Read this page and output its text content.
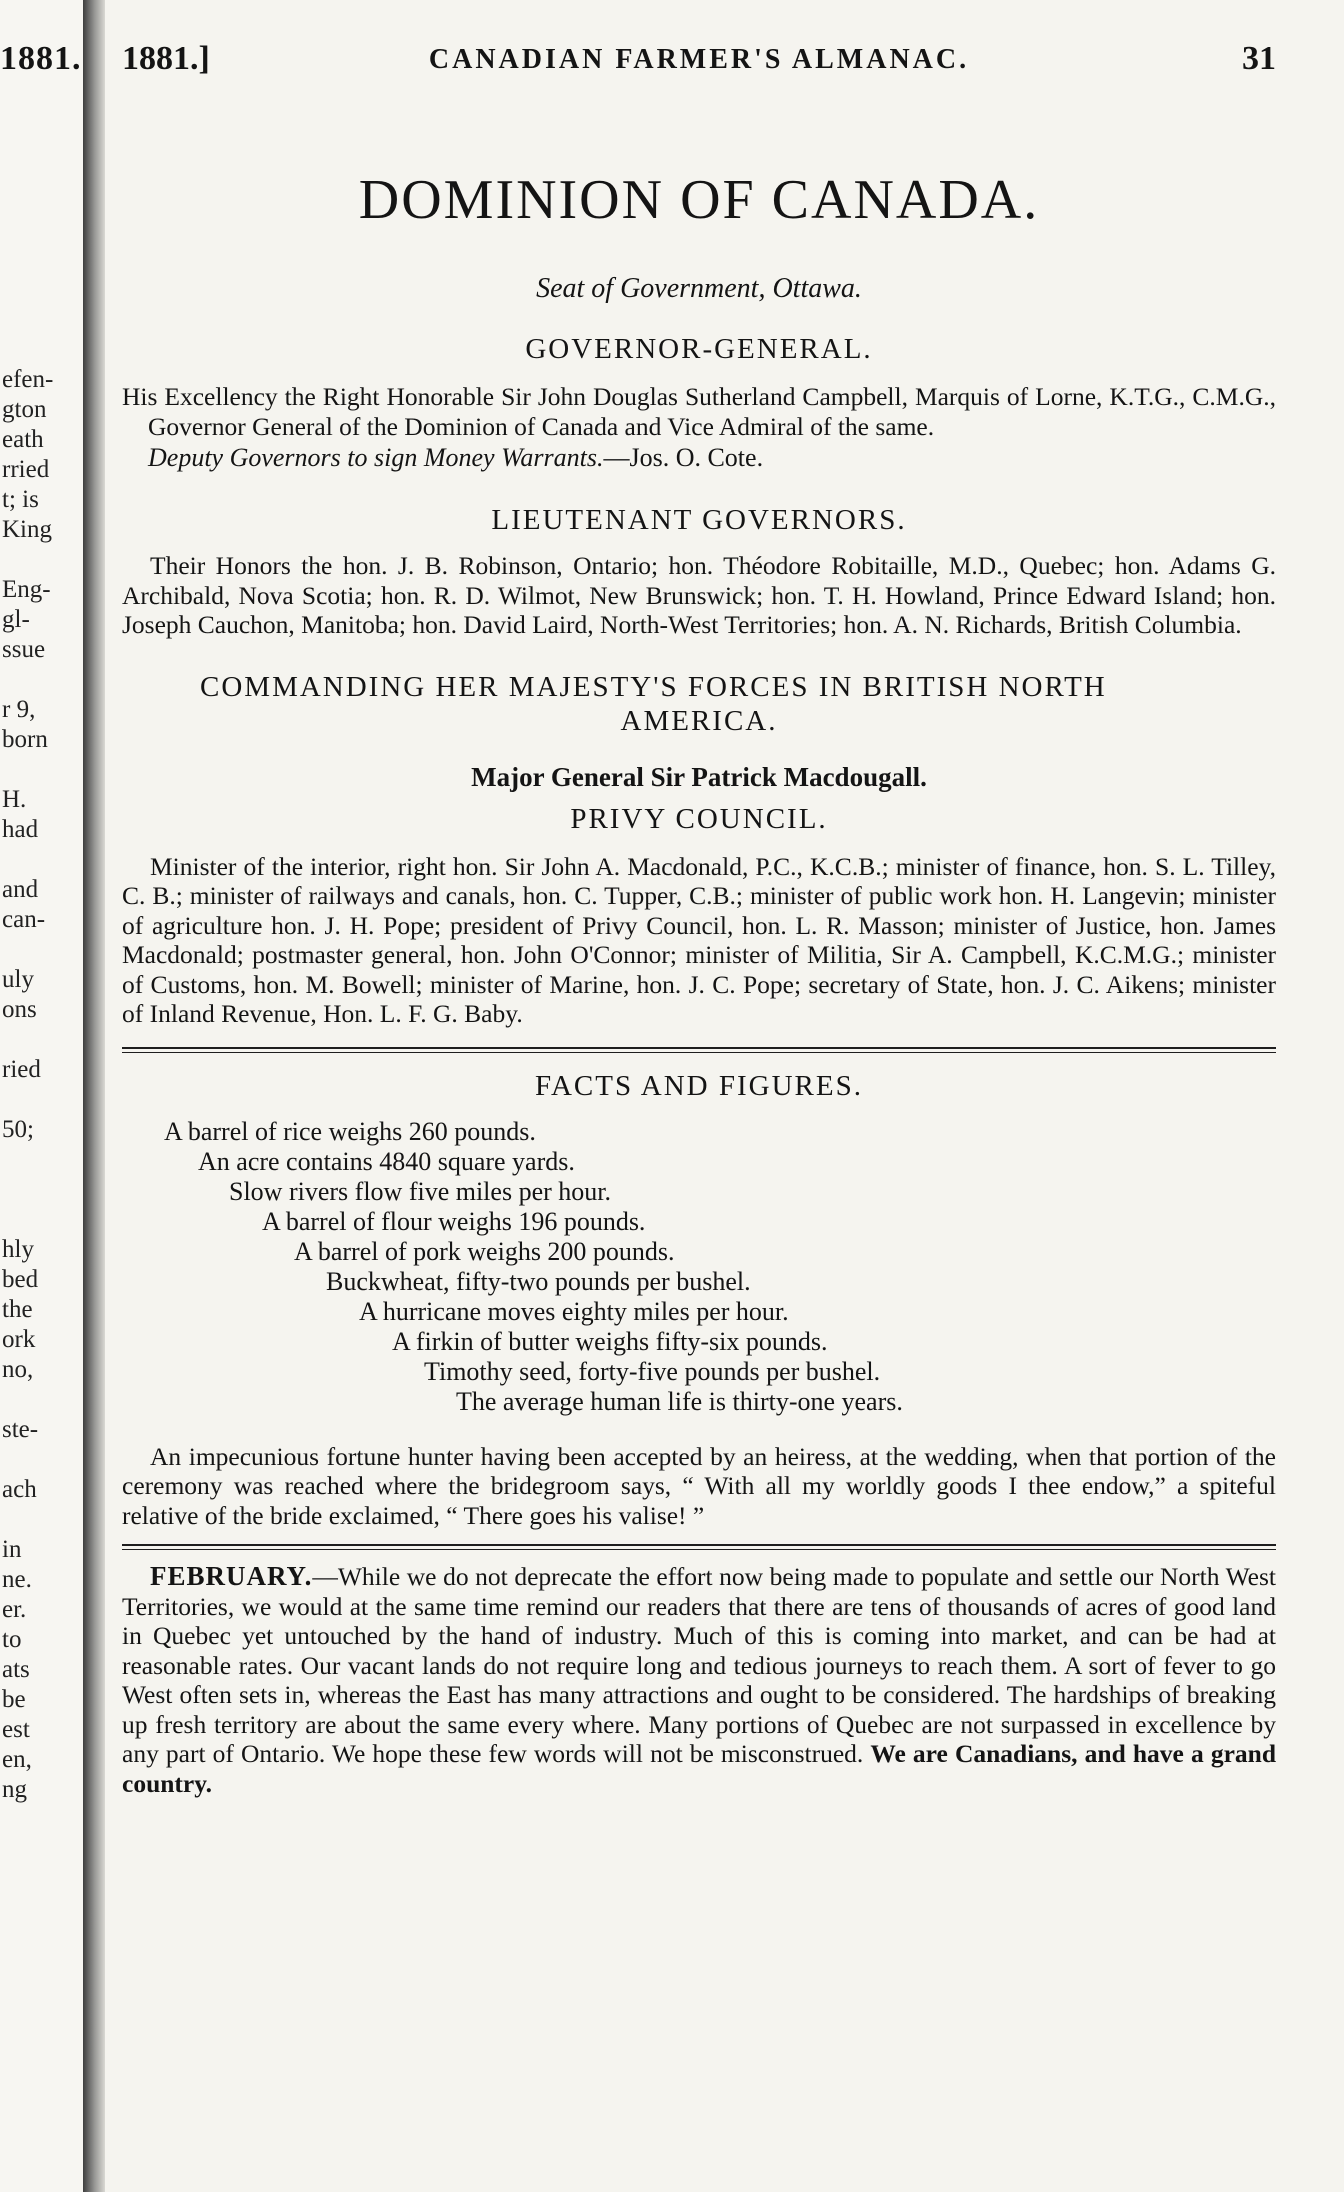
1881.
efen-
gton
eath
rried
t; is
King
Eng-
gl-
ssue
r 9,
born
H.
had
and
can-
uly
ons
ried
50;
hly
bed
the
ork
no,
ste-
ach
in
ne.
er.
to
ats
be
est
en,
ng
1881.]	CANADIAN FARMER'S ALMANAC.	31
DOMINION OF CANADA.
Seat of Government, Ottawa.
GOVERNOR-GENERAL.

His Excellency the Right Honorable Sir John Douglas Sutherland Campbell, Marquis of Lorne, K.T.G., C.M.G., Governor General of the Dominion of Canada and Vice Admiral of the same.

Deputy Governors to sign Money Warrants.—Jos. O. Cote.
LIEUTENANT GOVERNORS.

Their Honors the hon. J. B. Robinson, Ontario; hon. Théodore Robitaille, M.D., Quebec; hon. Adams G. Archibald, Nova Scotia; hon. R. D. Wilmot, New Brunswick; hon. T. H. Howland, Prince Edward Island; hon. Joseph Cauchon, Manitoba; hon. David Laird, North-West Territories; hon. A. N. Richards, British Columbia.

COMMANDING HER MAJESTY'S FORCES IN BRITISH NORTH
AMERICA.
Major General Sir Patrick Macdougall.
PRIVY COUNCIL.

Minister of the interior, right hon. Sir John A. Macdonald, P.C., K.C.B.; minister of finance, hon. S. L. Tilley, C. B.; minister of railways and canals, hon. C. Tupper, C.B.; minister of public work hon. H. Langevin; minister of agriculture hon. J. H. Pope; president of Privy Council, hon. L. R. Masson; minister of Justice, hon. James Macdonald; postmaster general, hon. John O'Connor; minister of Militia, Sir A. Campbell, K.C.M.G.; minister of Customs, hon. M. Bowell; minister of Marine, hon. J. C. Pope; secretary of State, hon. J. C. Aikens; minister of Inland Revenue, Hon. L. F. G. Baby.

FACTS AND FIGURES.
A barrel of rice weighs 260 pounds.
An acre contains 4840 square yards.
Slow rivers flow five miles per hour.
A barrel of flour weighs 196 pounds.
A barrel of pork weighs 200 pounds.
Buckwheat, fifty-two pounds per bushel.
A hurricane moves eighty miles per hour.
A firkin of butter weighs fifty-six pounds.
Timothy seed, forty-five pounds per bushel.
The average human life is thirty-one years.

An impecunious fortune hunter having been accepted by an heiress, at the wedding, when that portion of the ceremony was reached where the bridegroom says, “ With all my worldly goods I thee endow,” a spiteful relative of the bride exclaimed, “ There goes his valise! ”

FEBRUARY.—While we do not deprecate the effort now being made to populate and settle our North West Territories, we would at the same time remind our readers that there are tens of thousands of acres of good land in Quebec yet untouched by the hand of industry. Much of this is coming into market, and can be had at reasonable rates. Our vacant lands do not require long and tedious journeys to reach them. A sort of fever to go West often sets in, whereas the East has many attractions and ought to be considered. The hardships of breaking up fresh territory are about the same every where. Many portions of Quebec are not surpassed in excellence by any part of Ontario. We hope these few words will not be misconstrued. We are Canadians, and have a grand country.
